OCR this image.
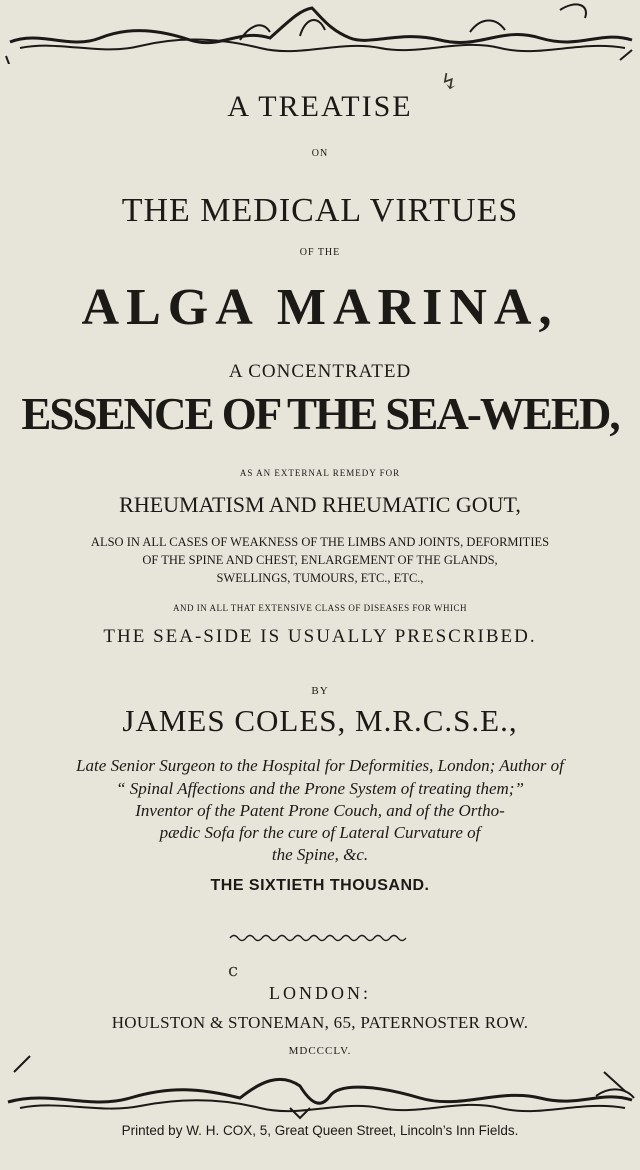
↯
A TREATISE
ON
THE MEDICAL VIRTUES
OF THE
ALGA MARINA,
A CONCENTRATED
ESSENCE OF THE SEA-WEED,
AS AN EXTERNAL REMEDY FOR
RHEUMATISM AND RHEUMATIC GOUT,
ALSO IN ALL CASES OF WEAKNESS OF THE LIMBS AND JOINTS, DEFORMITIES
OF THE SPINE AND CHEST, ENLARGEMENT OF THE GLANDS,
SWELLINGS, TUMOURS, ETC., ETC.,
AND IN ALL THAT EXTENSIVE CLASS OF DISEASES FOR WHICH
THE SEA-SIDE IS USUALLY PRESCRIBED.
BY
JAMES COLES, M.R.C.S.E.,
Late Senior Surgeon to the Hospital for Deformities, London; Author of
“ Spinal Affections and the Prone System of treating them;”
Inventor of the Patent Prone Couch, and of the Ortho-
pædic Sofa for the cure of Lateral Curvature of
the Spine, &c.
THE SIXTIETH THOUSAND.
ϲ
LONDON:
HOULSTON & STONEMAN, 65, PATERNOSTER ROW.
MDCCCLV.
Printed by W. H. COX, 5, Great Queen Street, Lincoln’s Inn Fields.
